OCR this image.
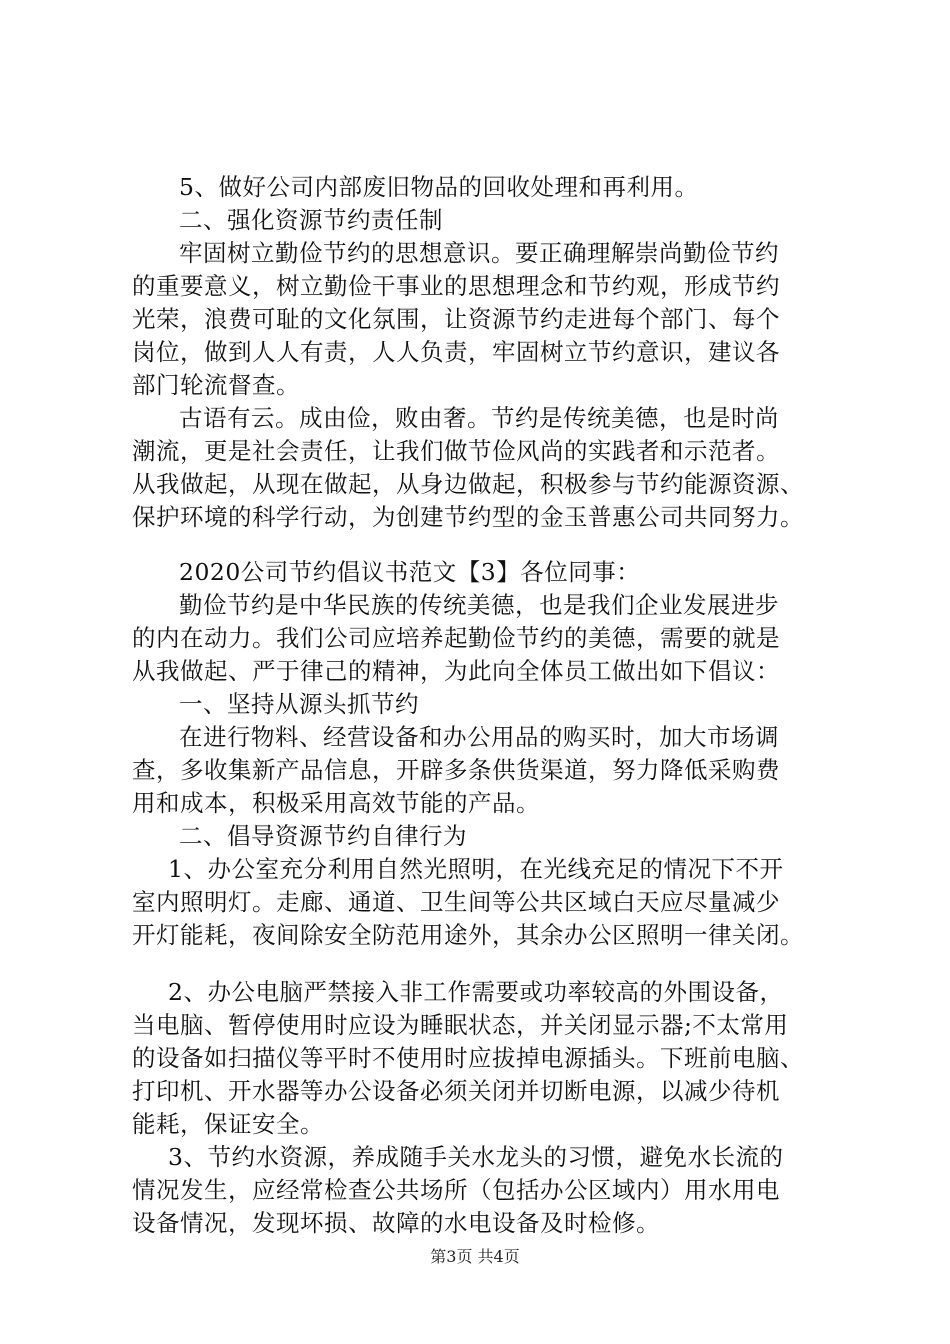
5、做好公司内部废旧物品的回收处理和再利用。
二、强化资源节约责任制
牢固树立勤俭节约的思想意识。要正确理解崇尚勤俭节约
的重要意义，树立勤俭干事业的思想理念和节约观，形成节约
光荣，浪费可耻的文化氛围，让资源节约走进每个部门、每个
岗位，做到人人有责，人人负责，牢固树立节约意识，建议各
部门轮流督查。
古语有云。成由俭，败由奢。节约是传统美德，也是时尚
潮流，更是社会责任，让我们做节俭风尚的实践者和示范者。
从我做起，从现在做起，从身边做起，积极参与节约能源资源、
保护环境的科学行动，为创建节约型的金玉普惠公司共同努力。
2020公司节约倡议书范文【3】各位同事：
勤俭节约是中华民族的传统美德，也是我们企业发展进步
的内在动力。我们公司应培养起勤俭节约的美德，需要的就是
从我做起、严于律己的精神，为此向全体员工做出如下倡议：
一、坚持从源头抓节约
在进行物料、经营设备和办公用品的购买时，加大市场调
查，多收集新产品信息，开辟多条供货渠道，努力降低采购费
用和成本，积极采用高效节能的产品。
二、倡导资源节约自律行为
1、办公室充分利用自然光照明，在光线充足的情况下不开
室内照明灯。走廊、通道、卫生间等公共区域白天应尽量减少
开灯能耗，夜间除安全防范用途外，其余办公区照明一律关闭。
2、办公电脑严禁接入非工作需要或功率较高的外围设备，
当电脑、暂停使用时应设为睡眠状态，并关闭显示器;不太常用
的设备如扫描仪等平时不使用时应拔掉电源插头。下班前电脑、
打印机、开水器等办公设备必须关闭并切断电源，以减少待机
能耗，保证安全。
3、节约水资源，养成随手关水龙头的习惯，避免水长流的
情况发生，应经常检查公共场所（包括办公区域内）用水用电
设备情况，发现坏损、故障的水电设备及时检修。
第3页 共4页
